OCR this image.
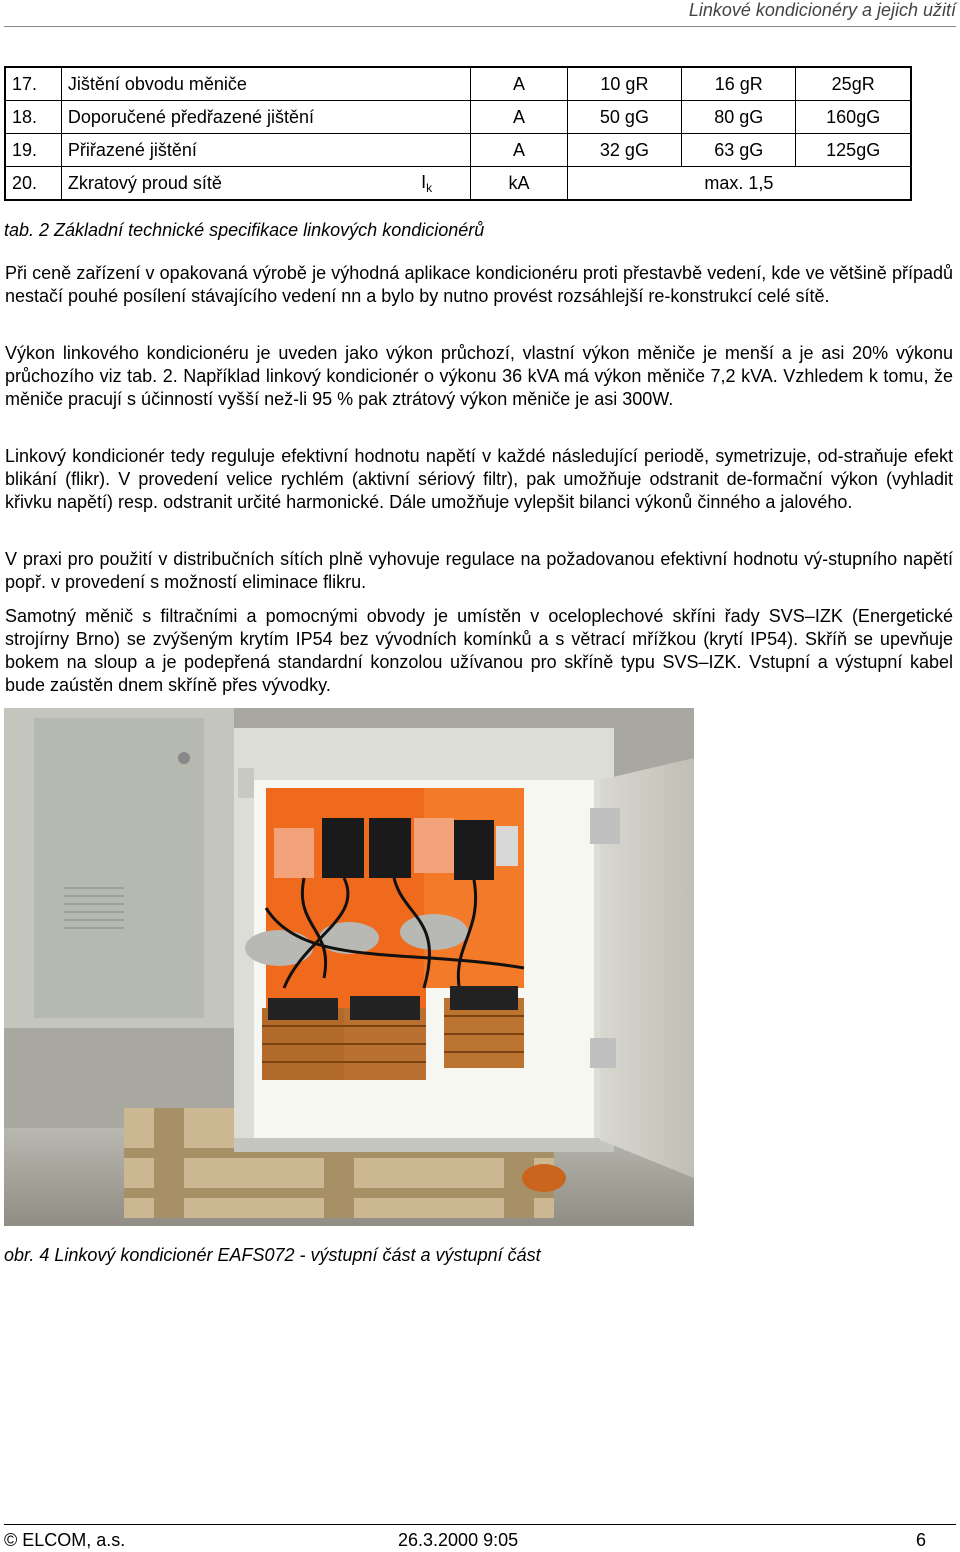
Linkové kondicionéry a jejich užití
17.	Jištění obvodu měniče		A	10 gR	16 gR	25gR
18.	Doporučené předřazené jištění		A	50 gG	80 gG	160gG
19.	Přiřazené jištění		A	32 gG	63 gG	125gG
20.	Zkratový proud sítě	$I_k$	kA	max. 1,5		

tab. 2 Základní technické specifikace linkových kondicionérů

Při ceně zařízení v opakovaná výrobě je výhodná aplikace kondicionéru proti přestavbě vedení, kde ve většině případů nestačí pouhé posílení stávajícího vedení nn a bylo by nutno provést rozsáhlejší re-konstrukcí celé sítě.

Výkon linkového kondicionéru je uveden jako výkon průchozí, vlastní výkon měniče je menší a je asi 20% výkonu průchozího viz tab. 2. Například linkový kondicionér o výkonu 36 kVA má výkon měniče 7,2 kVA. Vzhledem k tomu, že měniče pracují s účinností vyšší než-li 95 % pak ztrátový výkon měniče je asi 300W.

Linkový kondicionér tedy reguluje efektivní hodnotu napětí v každé následující periodě, symetrizuje, od-straňuje efekt blikání (flikr). V provedení velice rychlém (aktivní sériový filtr), pak umožňuje odstranit de-formační výkon (vyhladit křivku napětí) resp. odstranit určité harmonické. Dále umožňuje vylepšit bilanci výkonů činného a jalového.

V praxi pro použití v distribučních sítích plně vyhovuje regulace na požadovanou efektivní hodnotu vý-stupního napětí popř. v provedení s možností eliminace flikru.

Samotný měnič s filtračními a pomocnými obvody je umístěn v oceloplechové skříni řady SVS–IZK (Energetické strojírny Brno) se zvýšeným krytím IP54 bez vývodních komínků a s větrací mřížkou (krytí IP54). Skříň se upevňuje bokem na sloup a je podepřená standardní konzolou užívanou pro skříně typu SVS–IZK. Vstupní a výstupní kabel bude zaústěn dnem skříně přes vývodky.

obr. 4 Linkový kondicionér EAFS072 - výstupní část a výstupní část

© ELCOM, a.s.	26.3.2000 9:05	6
